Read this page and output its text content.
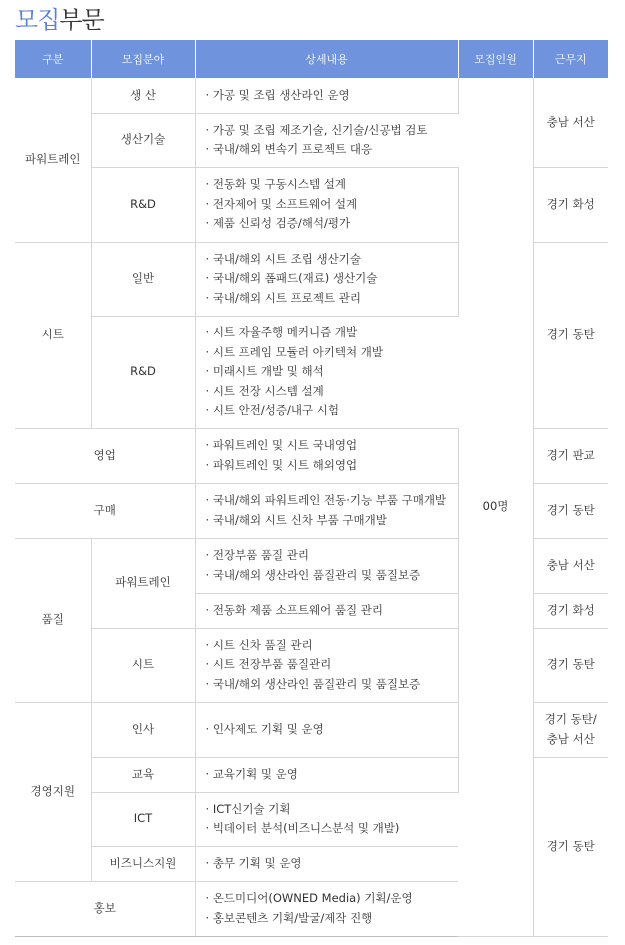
모집부문
구분	모집분야	상세내용	모집인원	근무지
파워트레인	생 산	· 가공 및 조립 생산라인 운영	00명	충남 서산

	생산기술	· 가공 및 조립 제조기술, 신기술/신공법 검토
· 국내/해외 변속기 프로젝트 대응

	R&D	· 전동화 및 구동시스템 설계
· 전자제어 및 소프트웨어 설계
· 제품 신뢰성 검증/해석/평가		경기 화성

시트	일반	· 국내/해외 시트 조립 생산기술
· 국내/해외 폼패드(재료) 생산기술
· 국내/해외 시트 프로젝트 관리		경기 동탄

	R&D	· 시트 자율주행 메커니즘 개발
· 시트 프레임 모듈러 아키텍쳐 개발
· 미래시트 개발 및 해석
· 시트 전장 시스템 설계
· 시트 안전/성증/내구 시험

영업		· 파워트레인 및 시트 국내영업
· 파워트레인 및 시트 해외영업		경기 판교

구매		· 국내/해외 파워트레인 전동·기능 부품 구매개발
· 국내/해외 시트 신차 부품 구매개발		경기 동탄

품질	파워트레인	· 전장부품 품질 관리
· 국내/해외 생산라인 품질관리 및 품질보증		충남 서산

		· 전동화 제품 소프트웨어 품질 관리		경기 화성

	시트	· 시트 신차 품질 관리
· 시트 전장부품 품질관리
· 국내/해외 생산라인 품질관리 및 품질보증		경기 동탄

경영지원	인사	· 인사제도 기획 및 운영		경기 동탄/
충남 서산

	교육	· 교육기획 및 운영		경기 동탄

	ICT	· ICT신기술 기획
· 빅데이터 분석(비즈니스분석 및 개발)

	비즈니스지원	· 총무 기획 및 운영

홍보		· 온드미디어(OWNED Media) 기획/운영
· 홍보콘텐츠 기획/발굴/제작 진행
